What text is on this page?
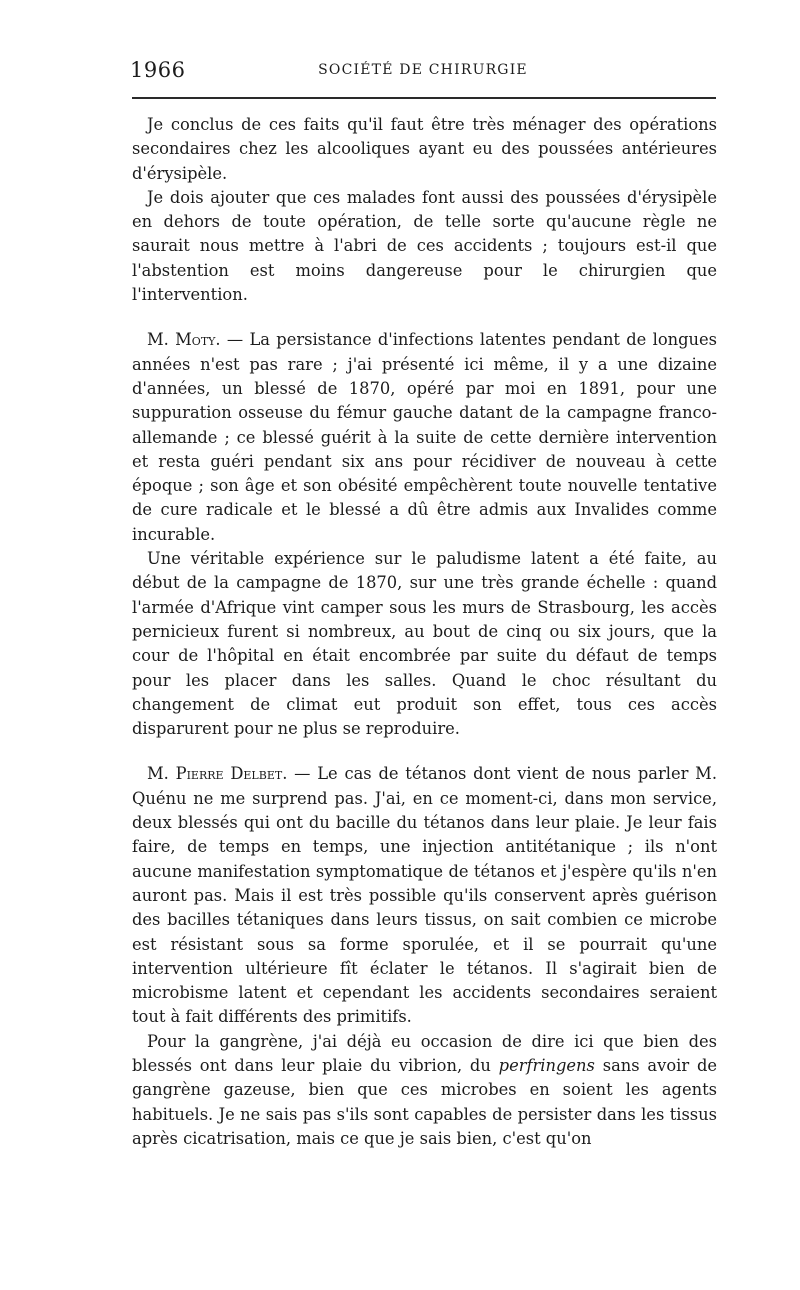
1966	SOCIÉTÉ DE CHIRURGIE

Je conclus de ces faits qu'il faut être très ménager des opérations secondaires chez les alcooliques ayant eu des poussées antérieures d'érysipèle.

Je dois ajouter que ces malades font aussi des poussées d'érysipèle en dehors de toute opération, de telle sorte qu'aucune règle ne saurait nous mettre à l'abri de ces accidents ; toujours est-il que l'abstention est moins dangereuse pour le chirurgien que l'intervention.

M. Moty. — La persistance d'infections latentes pendant de longues années n'est pas rare ; j'ai présenté ici même, il y a une dizaine d'années, un blessé de 1870, opéré par moi en 1891, pour une suppuration osseuse du fémur gauche datant de la campagne franco-allemande ; ce blessé guérit à la suite de cette dernière intervention et resta guéri pendant six ans pour récidiver de nouveau à cette époque ; son âge et son obésité empêchèrent toute nouvelle tentative de cure radicale et le blessé a dû être admis aux Invalides comme incurable.

Une véritable expérience sur le paludisme latent a été faite, au début de la campagne de 1870, sur une très grande échelle : quand l'armée d'Afrique vint camper sous les murs de Strasbourg, les accès pernicieux furent si nombreux, au bout de cinq ou six jours, que la cour de l'hôpital en était encombrée par suite du défaut de temps pour les placer dans les salles. Quand le choc résultant du changement de climat eut produit son effet, tous ces accès disparurent pour ne plus se reproduire.

M. Pierre Delbet. — Le cas de tétanos dont vient de nous parler M. Quénu ne me surprend pas. J'ai, en ce moment-ci, dans mon service, deux blessés qui ont du bacille du tétanos dans leur plaie. Je leur fais faire, de temps en temps, une injection antitétanique ; ils n'ont aucune manifestation symptomatique de tétanos et j'espère qu'ils n'en auront pas. Mais il est très possible qu'ils conservent après guérison des bacilles tétaniques dans leurs tissus, on sait combien ce microbe est résistant sous sa forme sporulée, et il se pourrait qu'une intervention ultérieure fît éclater le tétanos. Il s'agirait bien de microbisme latent et cependant les accidents secondaires seraient tout à fait différents des primitifs.

Pour la gangrène, j'ai déjà eu occasion de dire ici que bien des blessés ont dans leur plaie du vibrion, du perfringens sans avoir de gangrène gazeuse, bien que ces microbes en soient les agents habituels. Je ne sais pas s'ils sont capables de persister dans les tissus après cicatrisation, mais ce que je sais bien, c'est qu'on
